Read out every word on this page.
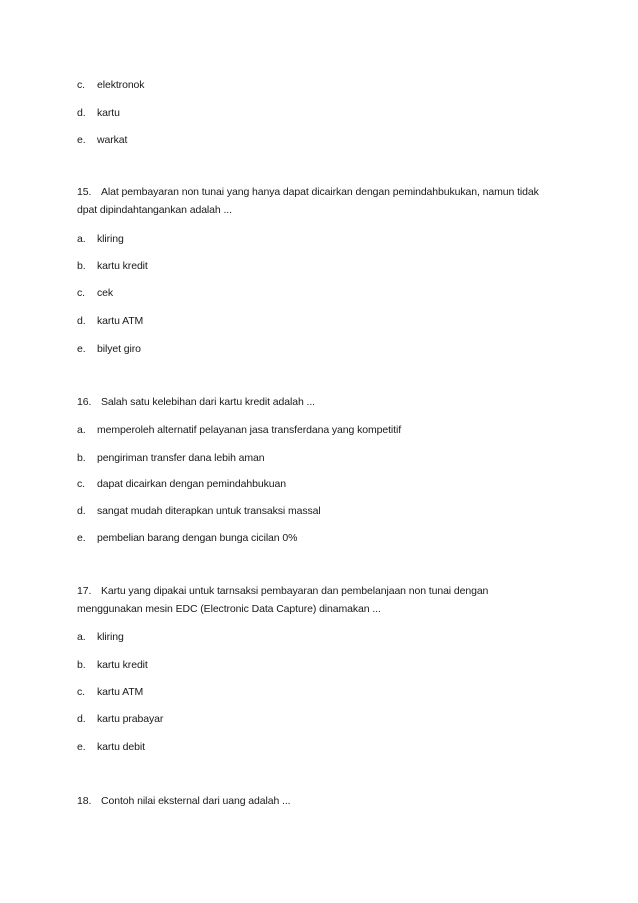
c. elektronok
d. kartu
e. warkat
15. Alat pembayaran non tunai yang hanya dapat dicairkan dengan pemindahbukukan, namun tidak
dpat dipindahtangankan adalah ...
a. kliring
b. kartu kredit
c. cek
d. kartu ATM
e. bilyet giro
16. Salah satu kelebihan dari kartu kredit adalah ...
a. memperoleh alternatif pelayanan jasa transferdana yang kompetitif
b. pengiriman transfer dana lebih aman
c. dapat dicairkan dengan pemindahbukuan
d. sangat mudah diterapkan untuk transaksi massal
e. pembelian barang dengan bunga cicilan 0%
17. Kartu yang dipakai untuk tarnsaksi pembayaran dan pembelanjaan non tunai dengan
menggunakan mesin EDC (Electronic Data Capture) dinamakan ...
a. kliring
b. kartu kredit
c. kartu ATM
d. kartu prabayar
e. kartu debit
18. Contoh nilai eksternal dari uang adalah ...
